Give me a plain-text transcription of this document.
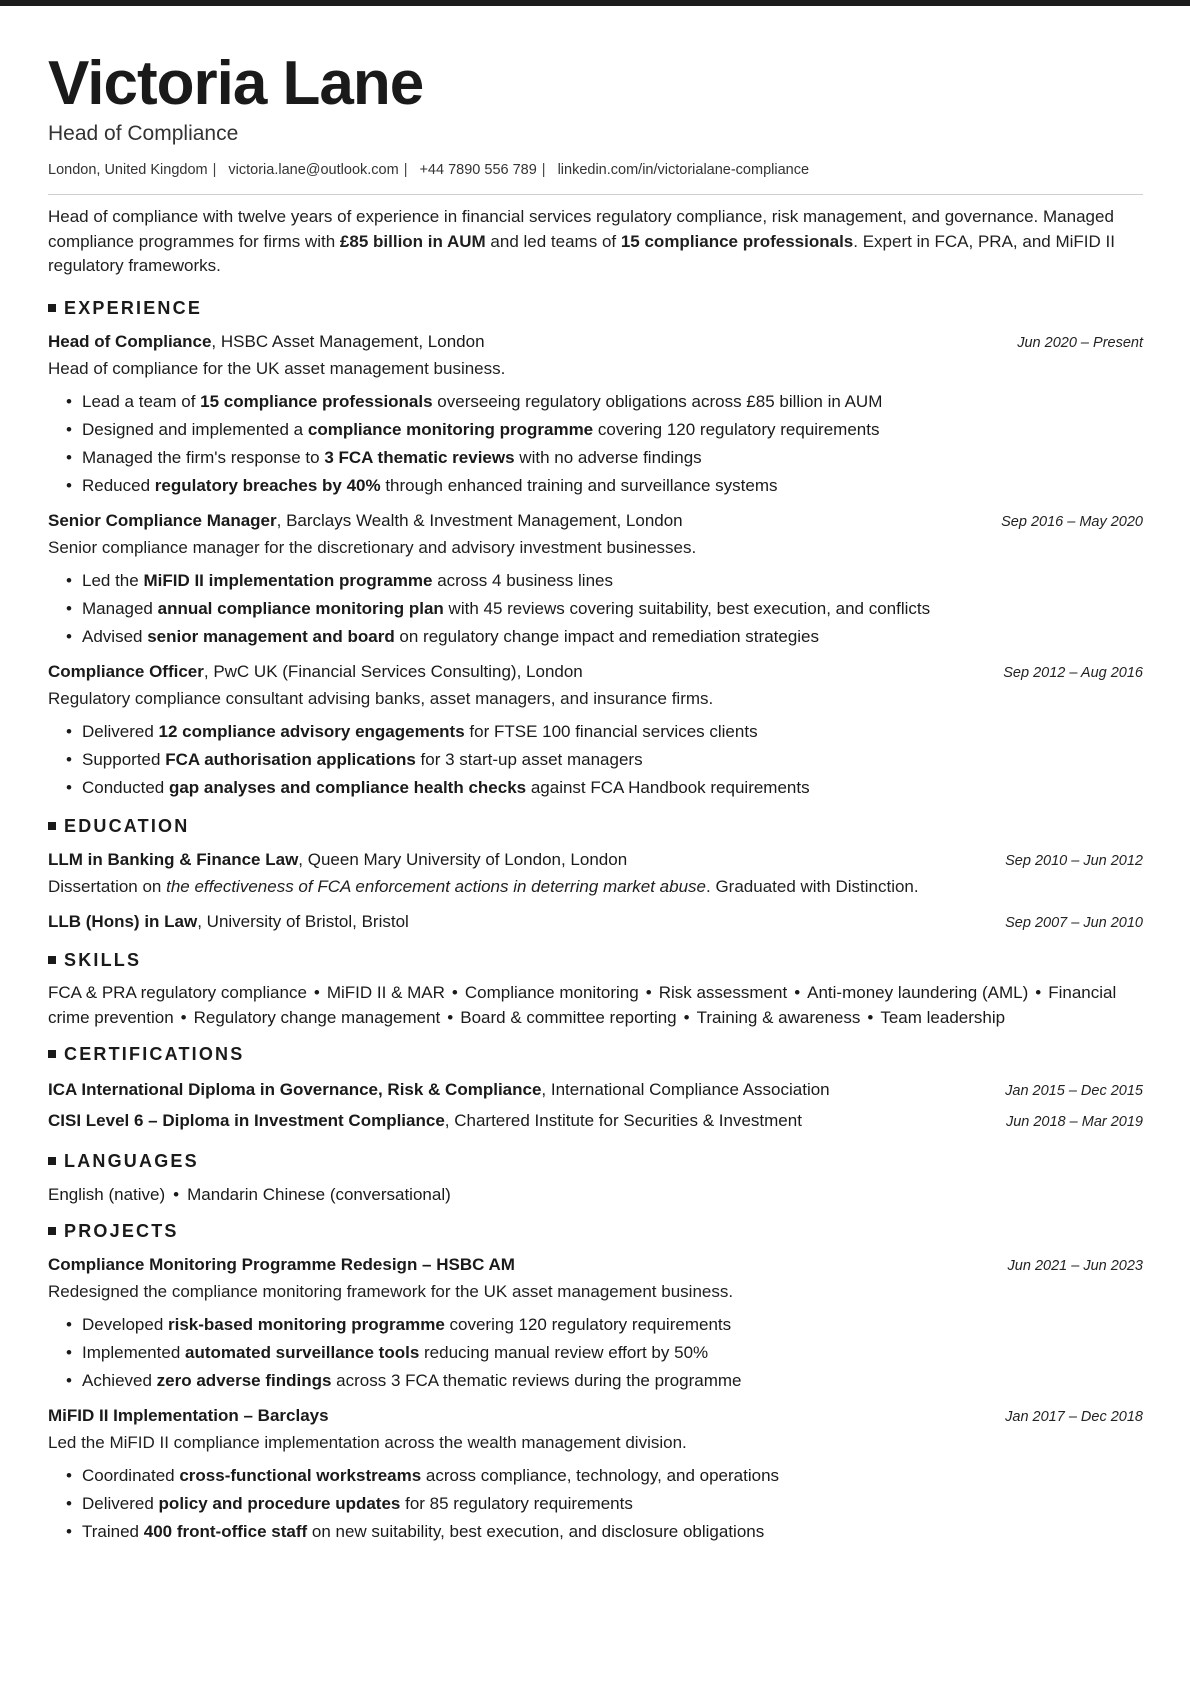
Victoria Lane
Head of Compliance
London, United Kingdom | victoria.lane@outlook.com | +44 7890 556 789 | linkedin.com/in/victorialane-compliance
Head of compliance with twelve years of experience in financial services regulatory compliance, risk management, and governance. Managed compliance programmes for firms with £85 billion in AUM and led teams of 15 compliance professionals. Expert in FCA, PRA, and MiFID II regulatory frameworks.
EXPERIENCE
Head of Compliance, HSBC Asset Management, London	Jun 2020 – Present
Head of compliance for the UK asset management business.
• Lead a team of 15 compliance professionals overseeing regulatory obligations across £85 billion in AUM
• Designed and implemented a compliance monitoring programme covering 120 regulatory requirements
• Managed the firm's response to 3 FCA thematic reviews with no adverse findings
• Reduced regulatory breaches by 40% through enhanced training and surveillance systems
Senior Compliance Manager, Barclays Wealth & Investment Management, London	Sep 2016 – May 2020
Senior compliance manager for the discretionary and advisory investment businesses.
• Led the MiFID II implementation programme across 4 business lines
• Managed annual compliance monitoring plan with 45 reviews covering suitability, best execution, and conflicts
• Advised senior management and board on regulatory change impact and remediation strategies
Compliance Officer, PwC UK (Financial Services Consulting), London	Sep 2012 – Aug 2016
Regulatory compliance consultant advising banks, asset managers, and insurance firms.
• Delivered 12 compliance advisory engagements for FTSE 100 financial services clients
• Supported FCA authorisation applications for 3 start-up asset managers
• Conducted gap analyses and compliance health checks against FCA Handbook requirements
EDUCATION
LLM in Banking & Finance Law, Queen Mary University of London, London	Sep 2010 – Jun 2012
Dissertation on the effectiveness of FCA enforcement actions in deterring market abuse. Graduated with Distinction.
LLB (Hons) in Law, University of Bristol, Bristol	Sep 2007 – Jun 2010
SKILLS
FCA & PRA regulatory compliance • MiFID II & MAR • Compliance monitoring • Risk assessment • Anti-money laundering (AML) • Financial crime prevention • Regulatory change management • Board & committee reporting • Training & awareness • Team leadership
CERTIFICATIONS
ICA International Diploma in Governance, Risk & Compliance, International Compliance Association	Jan 2015 – Dec 2015
CISI Level 6 – Diploma in Investment Compliance, Chartered Institute for Securities & Investment	Jun 2018 – Mar 2019
LANGUAGES
English (native) • Mandarin Chinese (conversational)
PROJECTS
Compliance Monitoring Programme Redesign – HSBC AM	Jun 2021 – Jun 2023
Redesigned the compliance monitoring framework for the UK asset management business.
• Developed risk-based monitoring programme covering 120 regulatory requirements
• Implemented automated surveillance tools reducing manual review effort by 50%
• Achieved zero adverse findings across 3 FCA thematic reviews during the programme
MiFID II Implementation – Barclays	Jan 2017 – Dec 2018
Led the MiFID II compliance implementation across the wealth management division.
• Coordinated cross-functional workstreams across compliance, technology, and operations
• Delivered policy and procedure updates for 85 regulatory requirements
• Trained 400 front-office staff on new suitability, best execution, and disclosure obligations
